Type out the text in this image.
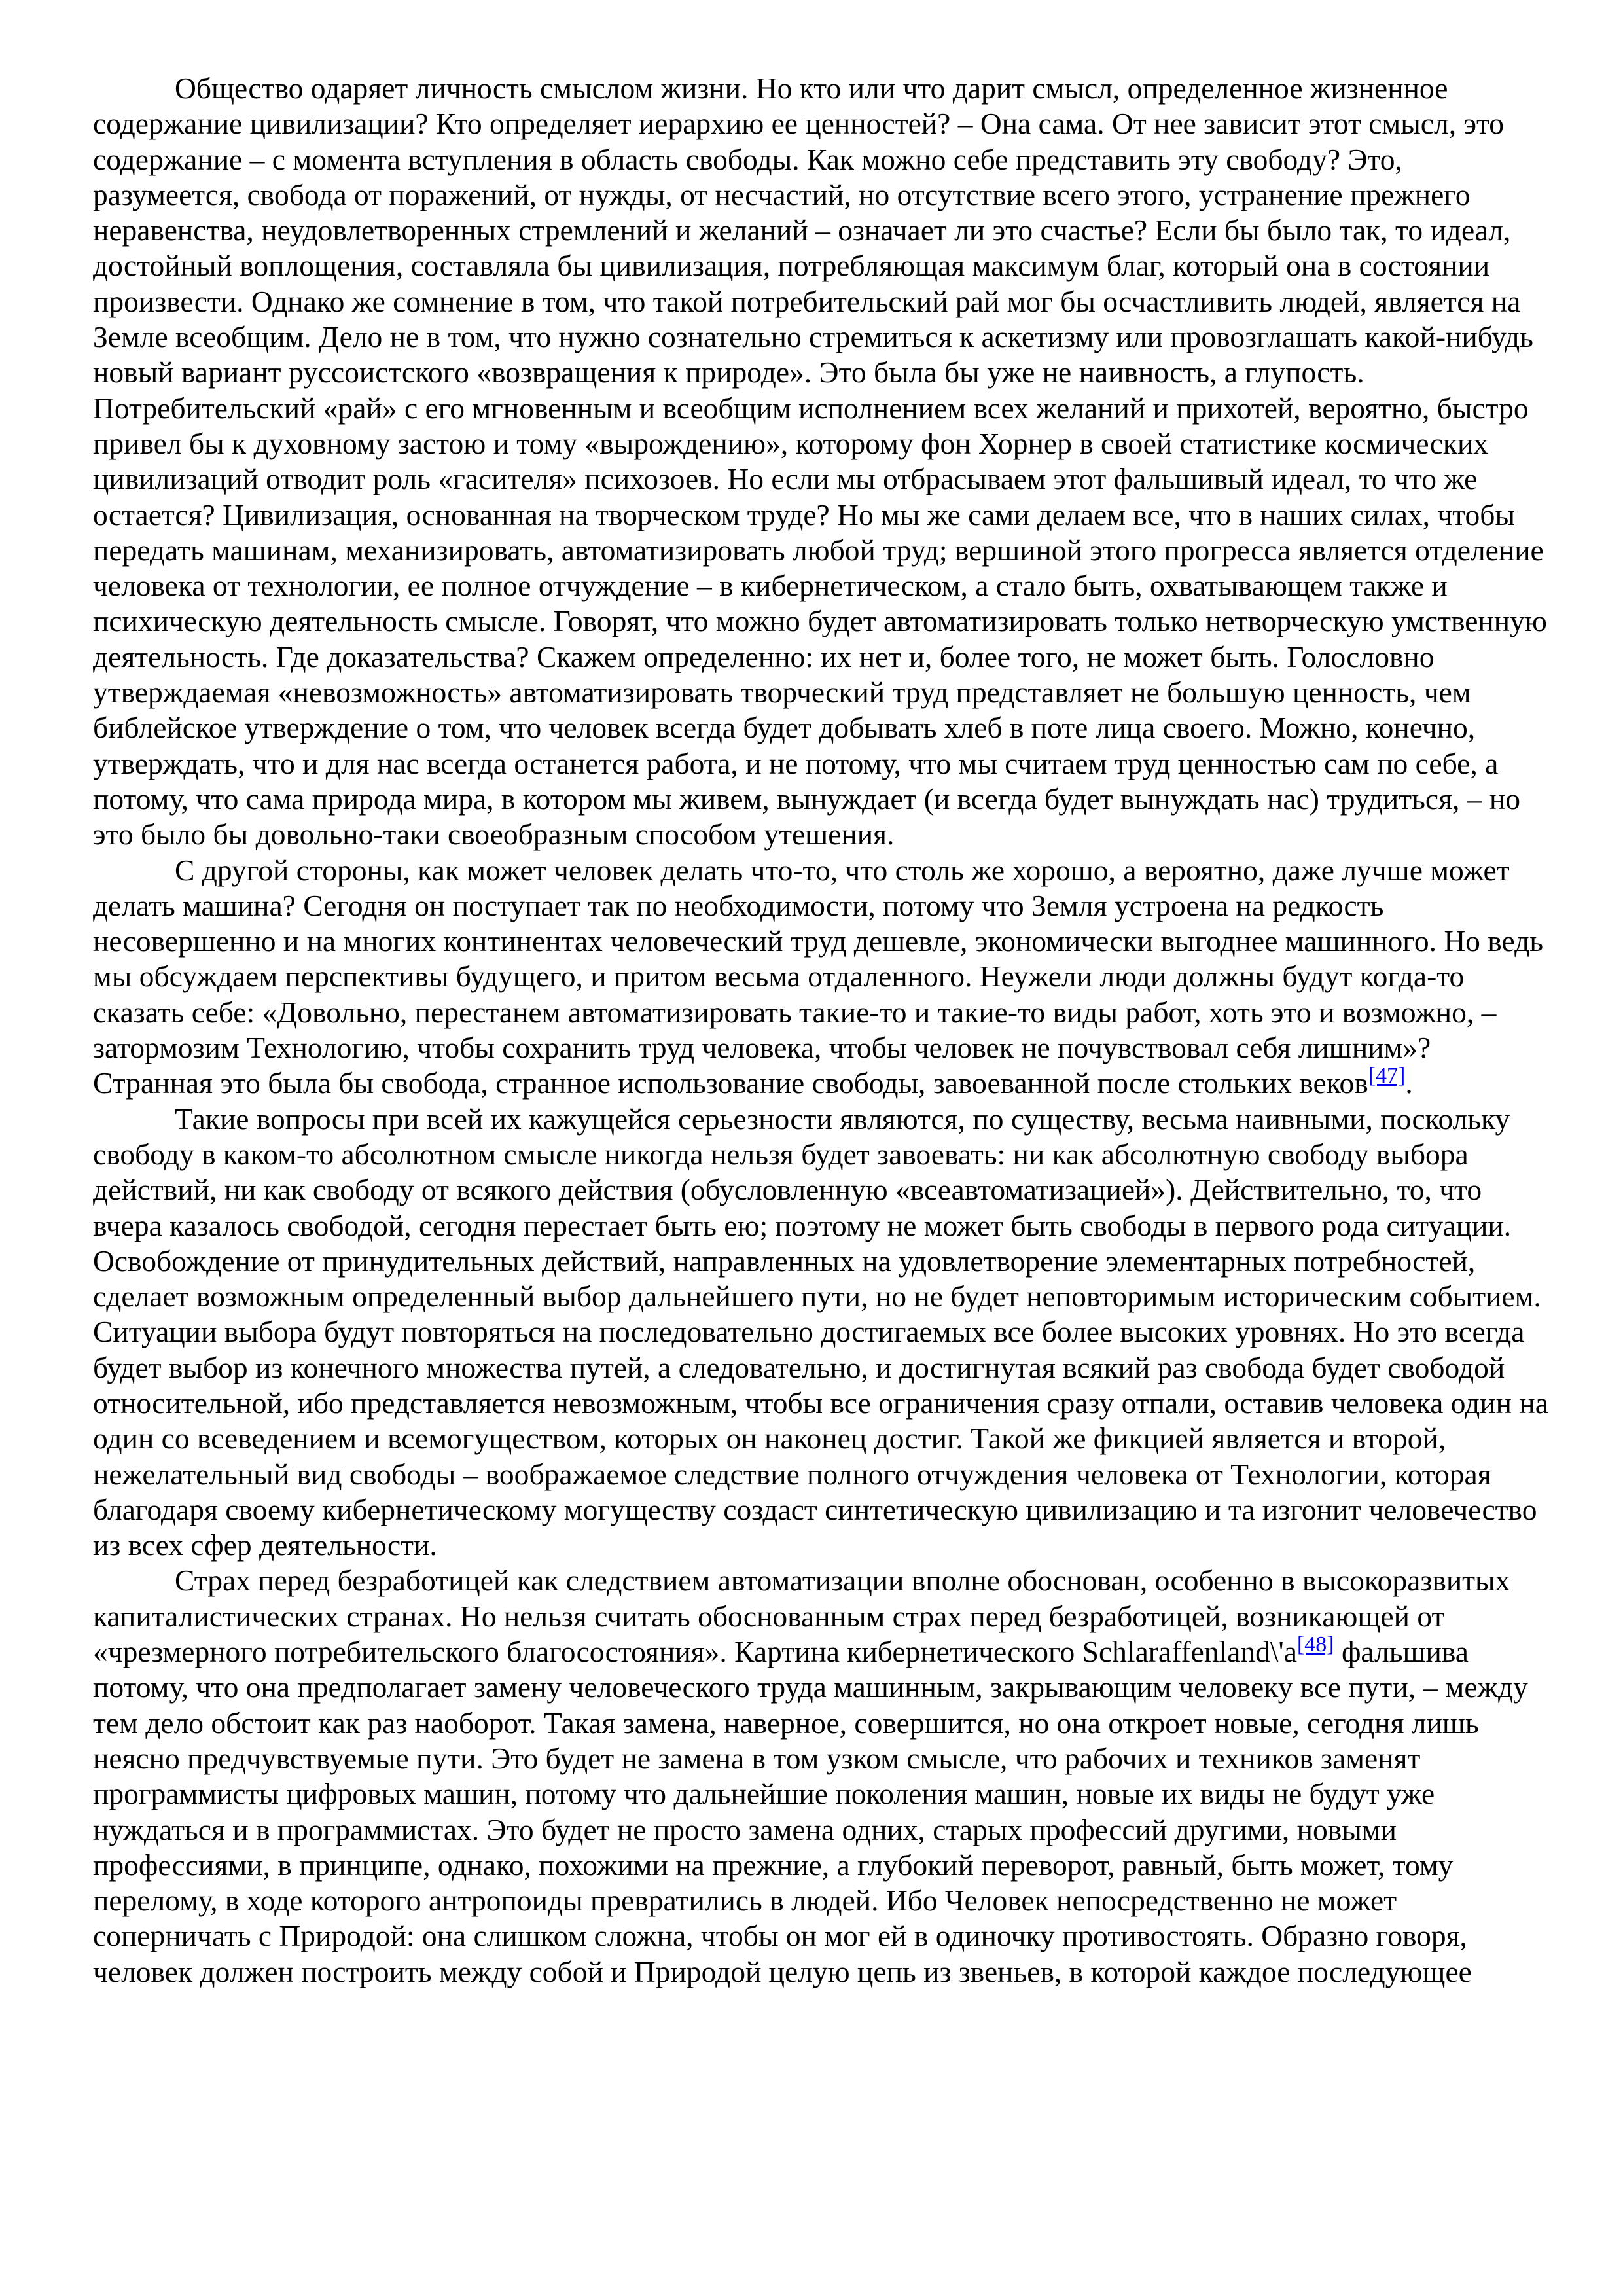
Общество одаряет личность смыслом жизни. Но кто или что дарит смысл, определенное жизненное содержание цивилизации? Кто определяет иерархию ее ценностей? – Она сама. От нее зависит этот смысл, это содержание – с момента вступления в область свободы. Как можно себе представить эту свободу? Это, разумеется, свобода от поражений, от нужды, от несчастий, но отсутствие всего этого, устранение прежнего неравенства, неудовлетворенных стремлений и желаний – означает ли это счастье? Если бы было так, то идеал, достойный воплощения, составляла бы цивилизация, потребляющая максимум благ, который она в состоянии произвести. Однако же сомнение в том, что такой потребительский рай мог бы осчастливить людей, является на Земле всеобщим. Дело не в том, что нужно сознательно стремиться к аскетизму или провозглашать какой-нибудь новый вариант руссоистского «возвращения к природе». Это была бы уже не наивность, а глупость. Потребительский «рай» с его мгновенным и всеобщим исполнением всех желаний и прихотей, вероятно, быстро привел бы к духовному застою и тому «вырождению», которому фон Хорнер в своей статистике космических цивилизаций отводит роль «гасителя» психозоев. Но если мы отбрасываем этот фальшивый идеал, то что же остается? Цивилизация, основанная на творческом труде? Но мы же сами делаем все, что в наших силах, чтобы передать машинам, механизировать, автоматизировать любой труд; вершиной этого прогресса является отделение человека от технологии, ее полное отчуждение – в кибернетическом, а стало быть, охватывающем также и психическую деятельность смысле. Говорят, что можно будет автоматизировать только нетворческую умственную деятельность. Где доказательства? Скажем определенно: их нет и, более того, не может быть. Голословно утверждаемая «невозможность» автоматизировать творческий труд представляет не большую ценность, чем библейское утверждение о том, что человек всегда будет добывать хлеб в поте лица своего. Можно, конечно, утверждать, что и для нас всегда останется работа, и не потому, что мы считаем труд ценностью сам по себе, а потому, что сама природа мира, в котором мы живем, вынуждает (и всегда будет вынуждать нас) трудиться, – но это было бы довольно-таки своеобразным способом утешения.

С другой стороны, как может человек делать что-то, что столь же хорошо, а вероятно, даже лучше может делать машина? Сегодня он поступает так по необходимости, потому что Земля устроена на редкость несовершенно и на многих континентах человеческий труд дешевле, экономически выгоднее машинного. Но ведь мы обсуждаем перспективы будущего, и притом весьма отдаленного. Неужели люди должны будут когда-то сказать себе: «Довольно, перестанем автоматизировать такие-то и такие-то виды работ, хоть это и возможно, – затормозим Технологию, чтобы сохранить труд человека, чтобы человек не почувствовал себя лишним»? Странная это была бы свобода, странное использование свободы, завоеванной после стольких веков[47].

Такие вопросы при всей их кажущейся серьезности являются, по существу, весьма наивными, поскольку свободу в каком-то абсолютном смысле никогда нельзя будет завоевать: ни как абсолютную свободу выбора действий, ни как свободу от всякого действия (обусловленную «всеавтоматизацией»). Действительно, то, что вчера казалось свободой, сегодня перестает быть ею; поэтому не может быть свободы в первого рода ситуации. Освобождение от принудительных действий, направленных на удовлетворение элементарных потребностей, сделает возможным определенный выбор дальнейшего пути, но не будет неповторимым историческим событием. Ситуации выбора будут повторяться на последовательно достигаемых все более высоких уровнях. Но это всегда будет выбор из конечного множества путей, а следовательно, и достигнутая всякий раз свобода будет свободой относительной, ибо представляется невозможным, чтобы все ограничения сразу отпали, оставив человека один на один со всеведением и всемогуществом, которых он наконец достиг. Такой же фикцией является и второй, нежелательный вид свободы – воображаемое следствие полного отчуждения человека от Технологии, которая благодаря своему кибернетическому могуществу создаст синтетическую цивилизацию и та изгонит человечество из всех сфер деятельности.

Страх перед безработицей как следствием автоматизации вполне обоснован, особенно в высокоразвитых капиталистических странах. Но нельзя считать обоснованным страх перед безработицей, возникающей от «чрезмерного потребительского благосостояния». Картина кибернетического Schlaraffenland\'a[48] фальшива потому, что она предполагает замену человеческого труда машинным, закрывающим человеку все пути, – между тем дело обстоит как раз наоборот. Такая замена, наверное, совершится, но она откроет новые, сегодня лишь неясно предчувствуемые пути. Это будет не замена в том узком смысле, что рабочих и техников заменят программисты цифровых машин, потому что дальнейшие поколения машин, новые их виды не будут уже нуждаться и в программистах. Это будет не просто замена одних, старых профессий другими, новыми профессиями, в принципе, однако, похожими на прежние, а глубокий переворот, равный, быть может, тому перелому, в ходе которого антропоиды превратились в людей. Ибо Человек непосредственно не может соперничать с Природой: она слишком сложна, чтобы он мог ей в одиночку противостоять. Образно говоря, человек должен построить между собой и Природой целую цепь из звеньев, в которой каждое последующее
